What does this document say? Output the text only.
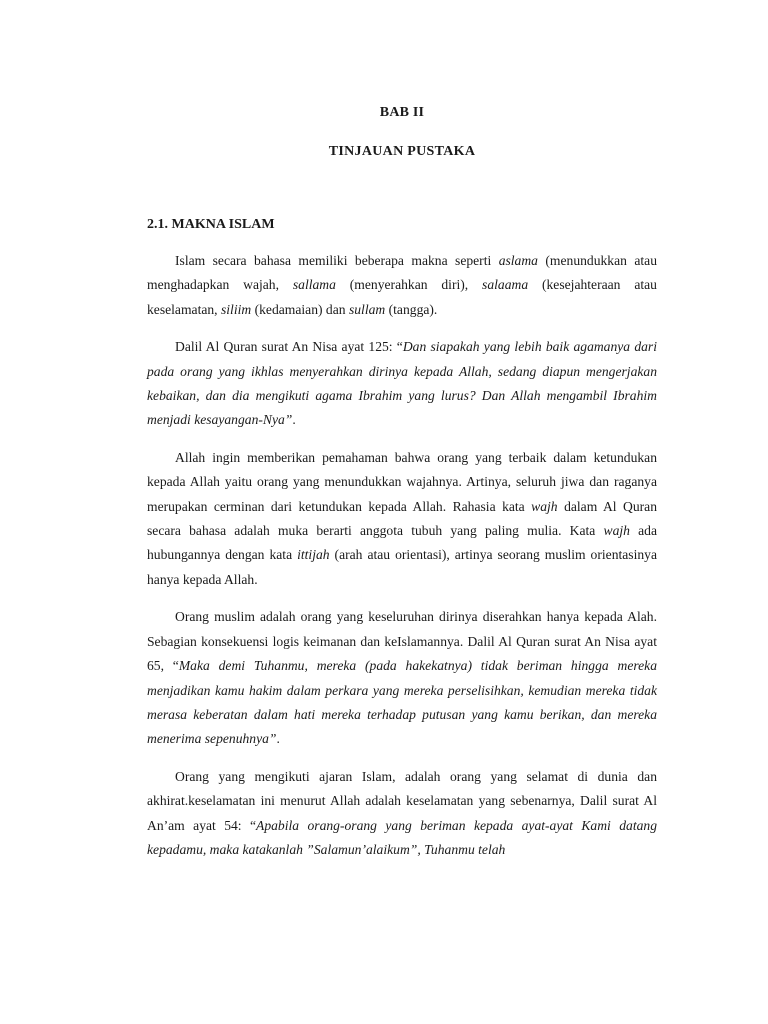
BAB II
TINJAUAN PUSTAKA
2.1. MAKNA ISLAM

Islam secara bahasa memiliki beberapa makna seperti aslama (menundukkan atau menghadapkan wajah, sallama (menyerahkan diri), salaama (kesejahteraan atau keselamatan, siliim (kedamaian) dan sullam (tangga).

Dalil Al Quran surat An Nisa ayat 125: “Dan siapakah yang lebih baik agamanya dari pada orang yang ikhlas menyerahkan dirinya kepada Allah, sedang diapun mengerjakan kebaikan, dan dia mengikuti agama Ibrahim yang lurus? Dan Allah mengambil Ibrahim menjadi kesayangan-Nya”.

Allah ingin memberikan pemahaman bahwa orang yang terbaik dalam ketundukan kepada Allah yaitu orang yang menundukkan wajahnya. Artinya, seluruh jiwa dan raganya merupakan cerminan dari ketundukan kepada Allah. Rahasia kata wajh dalam Al Quran secara bahasa adalah muka berarti anggota tubuh yang paling mulia. Kata wajh ada hubungannya dengan kata ittijah (arah atau orientasi), artinya seorang muslim orientasinya hanya kepada Allah.

Orang muslim adalah orang yang keseluruhan dirinya diserahkan hanya kepada Alah. Sebagian konsekuensi logis keimanan dan keIslamannya. Dalil Al Quran surat An Nisa ayat 65, “Maka demi Tuhanmu, mereka (pada hakekatnya) tidak beriman hingga mereka menjadikan kamu hakim dalam perkara yang mereka perselisihkan, kemudian mereka tidak merasa keberatan dalam hati mereka terhadap putusan yang kamu berikan, dan mereka menerima sepenuhnya”.

Orang yang mengikuti ajaran Islam, adalah orang yang selamat di dunia dan akhirat.keselamatan ini menurut Allah adalah keselamatan yang sebenarnya, Dalil surat Al An’am ayat 54: “Apabila orang-orang yang beriman kepada ayat-ayat Kami datang kepadamu, maka katakanlah ”Salamun’alaikum”, Tuhanmu telah
